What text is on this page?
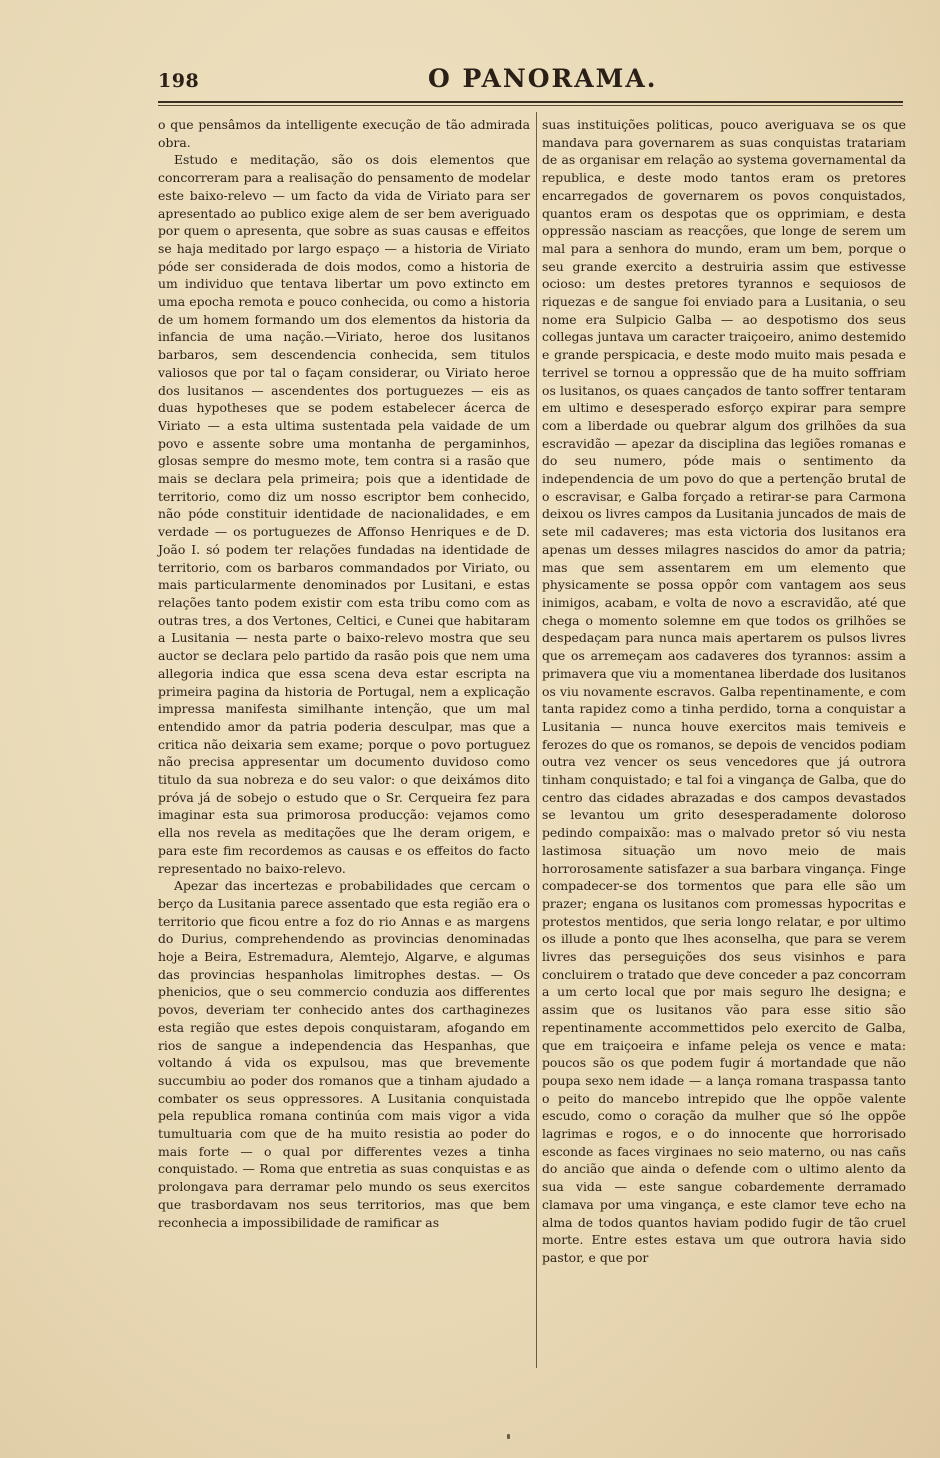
198	O PANORAMA.

o que pensâmos da intelligente execução de tão admirada obra.

Estudo e meditação, são os dois elementos que concorreram para a realisação do pensamento de modelar este baixo-relevo — um facto da vida de Viriato para ser apresentado ao publico exige alem de ser bem averiguado por quem o apresenta, que sobre as suas causas e effeitos se haja meditado por largo espaço — a historia de Viriato póde ser considerada de dois modos, como a historia de um individuo que tentava libertar um povo extincto em uma epocha remota e pouco conhecida, ou como a historia de um homem formando um dos elementos da historia da infancia de uma nação.—Viriato, heroe dos lusitanos barbaros, sem descendencia conhecida, sem titulos valiosos que por tal o façam considerar, ou Viriato heroe dos lusitanos — ascendentes dos portuguezes — eis as duas hypotheses que se podem estabelecer ácerca de Viriato — a esta ultima sustentada pela vaidade de um povo e assente sobre uma montanha de pergaminhos, glosas sempre do mesmo mote, tem contra si a rasão que mais se declara pela primeira; pois que a identidade de territorio, como diz um nosso escriptor bem conhecido, não póde constituir identidade de nacionalidades, e em verdade — os portuguezes de Affonso Henriques e de D. João I. só podem ter relações fundadas na identidade de territorio, com os barbaros commandados por Viriato, ou mais particularmente denominados por Lusitani, e estas relações tanto podem existir com esta tribu como com as outras tres, a dos Vertones, Celtici, e Cunei que habitaram a Lusitania — nesta parte o baixo-relevo mostra que seu auctor se declara pelo partido da rasão pois que nem uma allegoria indica que essa scena deva estar escripta na primeira pagina da historia de Portugal, nem a explicação impressa manifesta similhante intenção, que um mal entendido amor da patria poderia desculpar, mas que a critica não deixaria sem exame; porque o povo portuguez não precisa appresentar um documento duvidoso como titulo da sua nobreza e do seu valor: o que deixámos dito próva já de sobejo o estudo que o Sr. Cerqueira fez para imaginar esta sua primorosa producção: vejamos como ella nos revela as meditações que lhe deram origem, e para este fim recordemos as causas e os effeitos do facto representado no baixo-relevo.

Apezar das incertezas e probabilidades que cercam o berço da Lusitania parece assentado que esta região era o territorio que ficou entre a foz do rio Annas e as margens do Durius, comprehendendo as provincias denominadas hoje a Beira, Estremadura, Alemtejo, Algarve, e algumas das provincias hespanholas limitrophes destas. — Os phenicios, que o seu commercio conduzia aos differentes povos, deveriam ter conhecido antes dos carthaginezes esta região que estes depois conquistaram, afogando em rios de sangue a independencia das Hespanhas, que voltando á vida os expulsou, mas que brevemente succumbiu ao poder dos romanos que a tinham ajudado a combater os seus oppressores. A Lusitania conquistada pela republica romana continúa com mais vigor a vida tumultuaria com que de ha muito resistia ao poder do mais forte — o qual por differentes vezes a tinha conquistado. — Roma que entretia as suas conquistas e as prolongava para derramar pelo mundo os seus exercitos que trasbordavam nos seus territorios, mas que bem reconhecia a impossibilidade de ramificar as

suas instituições politicas, pouco averiguava se os que mandava para governarem as suas conquistas tratariam de as organisar em relação ao systema governamental da republica, e deste modo tantos eram os pretores encarregados de governarem os povos conquistados, quantos eram os despotas que os opprimiam, e desta oppressão nasciam as reacções, que longe de serem um mal para a senhora do mundo, eram um bem, porque o seu grande exercito a destruiria assim que estivesse ocioso: um destes pretores tyrannos e sequiosos de riquezas e de sangue foi enviado para a Lusitania, o seu nome era Sulpicio Galba — ao despotismo dos seus collegas juntava um caracter traiçoeiro, animo destemido e grande perspicacia, e deste modo muito mais pesada e terrivel se tornou a oppressão que de ha muito soffriam os lusitanos, os quaes cançados de tanto soffrer tentaram em ultimo e desesperado esforço expirar para sempre com a liberdade ou quebrar algum dos grilhões da sua escravidão — apezar da disciplina das legiões romanas e do seu numero, póde mais o sentimento da independencia de um povo do que a pertenção brutal de o escravisar, e Galba forçado a retirar-se para Carmona deixou os livres campos da Lusitania juncados de mais de sete mil cadaveres; mas esta victoria dos lusitanos era apenas um desses milagres nascidos do amor da patria; mas que sem assentarem em um elemento que physicamente se possa oppôr com vantagem aos seus inimigos, acabam, e volta de novo a escravidão, até que chega o momento solemne em que todos os grilhões se despedaçam para nunca mais apertarem os pulsos livres que os arremeçam aos cadaveres dos tyrannos: assim a primavera que viu a momentanea liberdade dos lusitanos os viu novamente escravos. Galba repentinamente, e com tanta rapidez como a tinha perdido, torna a conquistar a Lusitania — nunca houve exercitos mais temiveis e ferozes do que os romanos, se depois de vencidos podiam outra vez vencer os seus vencedores que já outrora tinham conquistado; e tal foi a vingança de Galba, que do centro das cidades abrazadas e dos campos devastados se levantou um grito desesperadamente doloroso pedindo compaixão: mas o malvado pretor só viu nesta lastimosa situação um novo meio de mais horrorosamente satisfazer a sua barbara vingança. Finge compadecer-se dos tormentos que para elle são um prazer; engana os lusitanos com promessas hypocritas e protestos mentidos, que seria longo relatar, e por ultimo os illude a ponto que lhes aconselha, que para se verem livres das perseguições dos seus visinhos e para concluirem o tratado que deve conceder a paz concorram a um certo local que por mais seguro lhe designa; e assim que os lusitanos vão para esse sitio são repentinamente accommettidos pelo exercito de Galba, que em traiçoeira e infame peleja os vence e mata: poucos são os que podem fugir á mortandade que não poupa sexo nem idade — a lança romana traspassa tanto o peito do mancebo intrepido que lhe oppõe valente escudo, como o coração da mulher que só lhe oppõe lagrimas e rogos, e o do innocente que horrorisado esconde as faces virginaes no seio materno, ou nas cañs do ancião que ainda o defende com o ultimo alento da sua vida — este sangue cobardemente derramado clamava por uma vingança, e este clamor teve echo na alma de todos quantos haviam podido fugir de tão cruel morte. Entre estes estava um que outrora havia sido pastor, e que por
